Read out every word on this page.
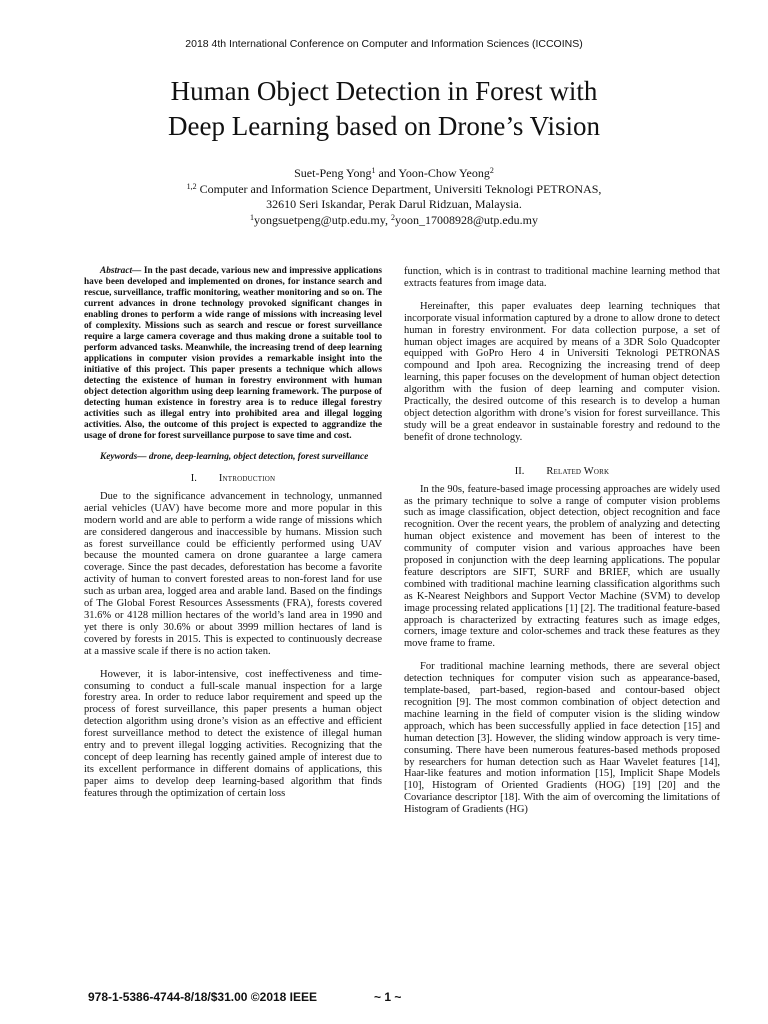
2018 4th International Conference on Computer and Information Sciences (ICCOINS)
Human Object Detection in Forest with
Deep Learning based on Drone’s Vision
Suet-Peng Yong$^1$ and Yoon-Chow Yeong$^2$
$^{1,2}$ Computer and Information Science Department, Universiti Teknologi PETRONAS,
32610 Seri Iskandar, Perak Darul Ridzuan, Malaysia.
$^1$yongsuetpeng@utp.edu.my, $^2$yoon_17008928@utp.edu.my

Abstract— In the past decade, various new and impressive applications have been developed and implemented on drones, for instance search and rescue, surveillance, traffic monitoring, weather monitoring and so on. The current advances in drone technology provoked significant changes in enabling drones to perform a wide range of missions with increasing level of complexity. Missions such as search and rescue or forest surveillance require a large camera coverage and thus making drone a suitable tool to perform advanced tasks. Meanwhile, the increasing trend of deep learning applications in computer vision provides a remarkable insight into the initiative of this project. This paper presents a technique which allows detecting the existence of human in forestry environment with human object detection algorithm using deep learning framework. The purpose of detecting human existence in forestry area is to reduce illegal forestry activities such as illegal entry into prohibited area and illegal logging activities. Also, the outcome of this project is expected to aggrandize the usage of drone for forest surveillance purpose to save time and cost.

Keywords— drone, deep-learning, object detection, forest surveillance

I. Introduction

Due to the significance advancement in technology, unmanned aerial vehicles (UAV) have become more and more popular in this modern world and are able to perform a wide range of missions which are considered dangerous and inaccessible by humans. Mission such as forest surveillance could be efficiently performed using UAV because the mounted camera on drone guarantee a large camera coverage. Since the past decades, deforestation has become a favorite activity of human to convert forested areas to non-forest land for use such as urban area, logged area and arable land. Based on the findings of The Global Forest Resources Assessments (FRA), forests covered 31.6% or 4128 million hectares of the world’s land area in 1990 and yet there is only 30.6% or about 3999 million hectares of land is covered by forests in 2015. This is expected to continuously decrease at a massive scale if there is no action taken.

However, it is labor-intensive, cost ineffectiveness and time-consuming to conduct a full-scale manual inspection for a large forestry area. In order to reduce labor requirement and speed up the process of forest surveillance, this paper presents a human object detection algorithm using drone’s vision as an effective and efficient forest surveillance method to detect the existence of illegal human entry and to prevent illegal logging activities. Recognizing that the concept of deep learning has recently gained ample of interest due to its excellent performance in different domains of applications, this paper aims to develop deep learning-based algorithm that finds features through the optimization of certain loss

function, which is in contrast to traditional machine learning method that extracts features from image data.

Hereinafter, this paper evaluates deep learning techniques that incorporate visual information captured by a drone to allow drone to detect human in forestry environment. For data collection purpose, a set of human object images are acquired by means of a 3DR Solo Quadcopter equipped with GoPro Hero 4 in Universiti Teknologi PETRONAS compound and Ipoh area. Recognizing the increasing trend of deep learning, this paper focuses on the development of human object detection algorithm with the fusion of deep learning and computer vision. Practically, the desired outcome of this research is to develop a human object detection algorithm with drone’s vision for forest surveillance. This study will be a great endeavor in sustainable forestry and redound to the benefit of drone technology.

II. Related Work

In the 90s, feature-based image processing approaches are widely used as the primary technique to solve a range of computer vision problems such as image classification, object detection, object recognition and face recognition. Over the recent years, the problem of analyzing and detecting human object existence and movement has been of interest to the community of computer vision and various approaches have been proposed in conjunction with the deep learning applications. The popular feature descriptors are SIFT, SURF and BRIEF, which are usually combined with traditional machine learning classification algorithms such as K-Nearest Neighbors and Support Vector Machine (SVM) to develop image processing related applications [1] [2]. The traditional feature-based approach is characterized by extracting features such as image edges, corners, image texture and color-schemes and track these features as they move frame to frame.

For traditional machine learning methods, there are several object detection techniques for computer vision such as appearance-based, template-based, part-based, region-based and contour-based object recognition [9]. The most common combination of object detection and machine learning in the field of computer vision is the sliding window approach, which has been successfully applied in face detection [15] and human detection [3]. However, the sliding window approach is very time-consuming. There have been numerous features-based methods proposed by researchers for human detection such as Haar Wavelet features [14], Haar-like features and motion information [15], Implicit Shape Models [10], Histogram of Oriented Gradients (HOG) [19] [20] and the Covariance descriptor [18]. With the aim of overcoming the limitations of Histogram of Gradients (HG)

978-1-5386-4744-8/18/$31.00 ©2018 IEEE	~ 1 ~
